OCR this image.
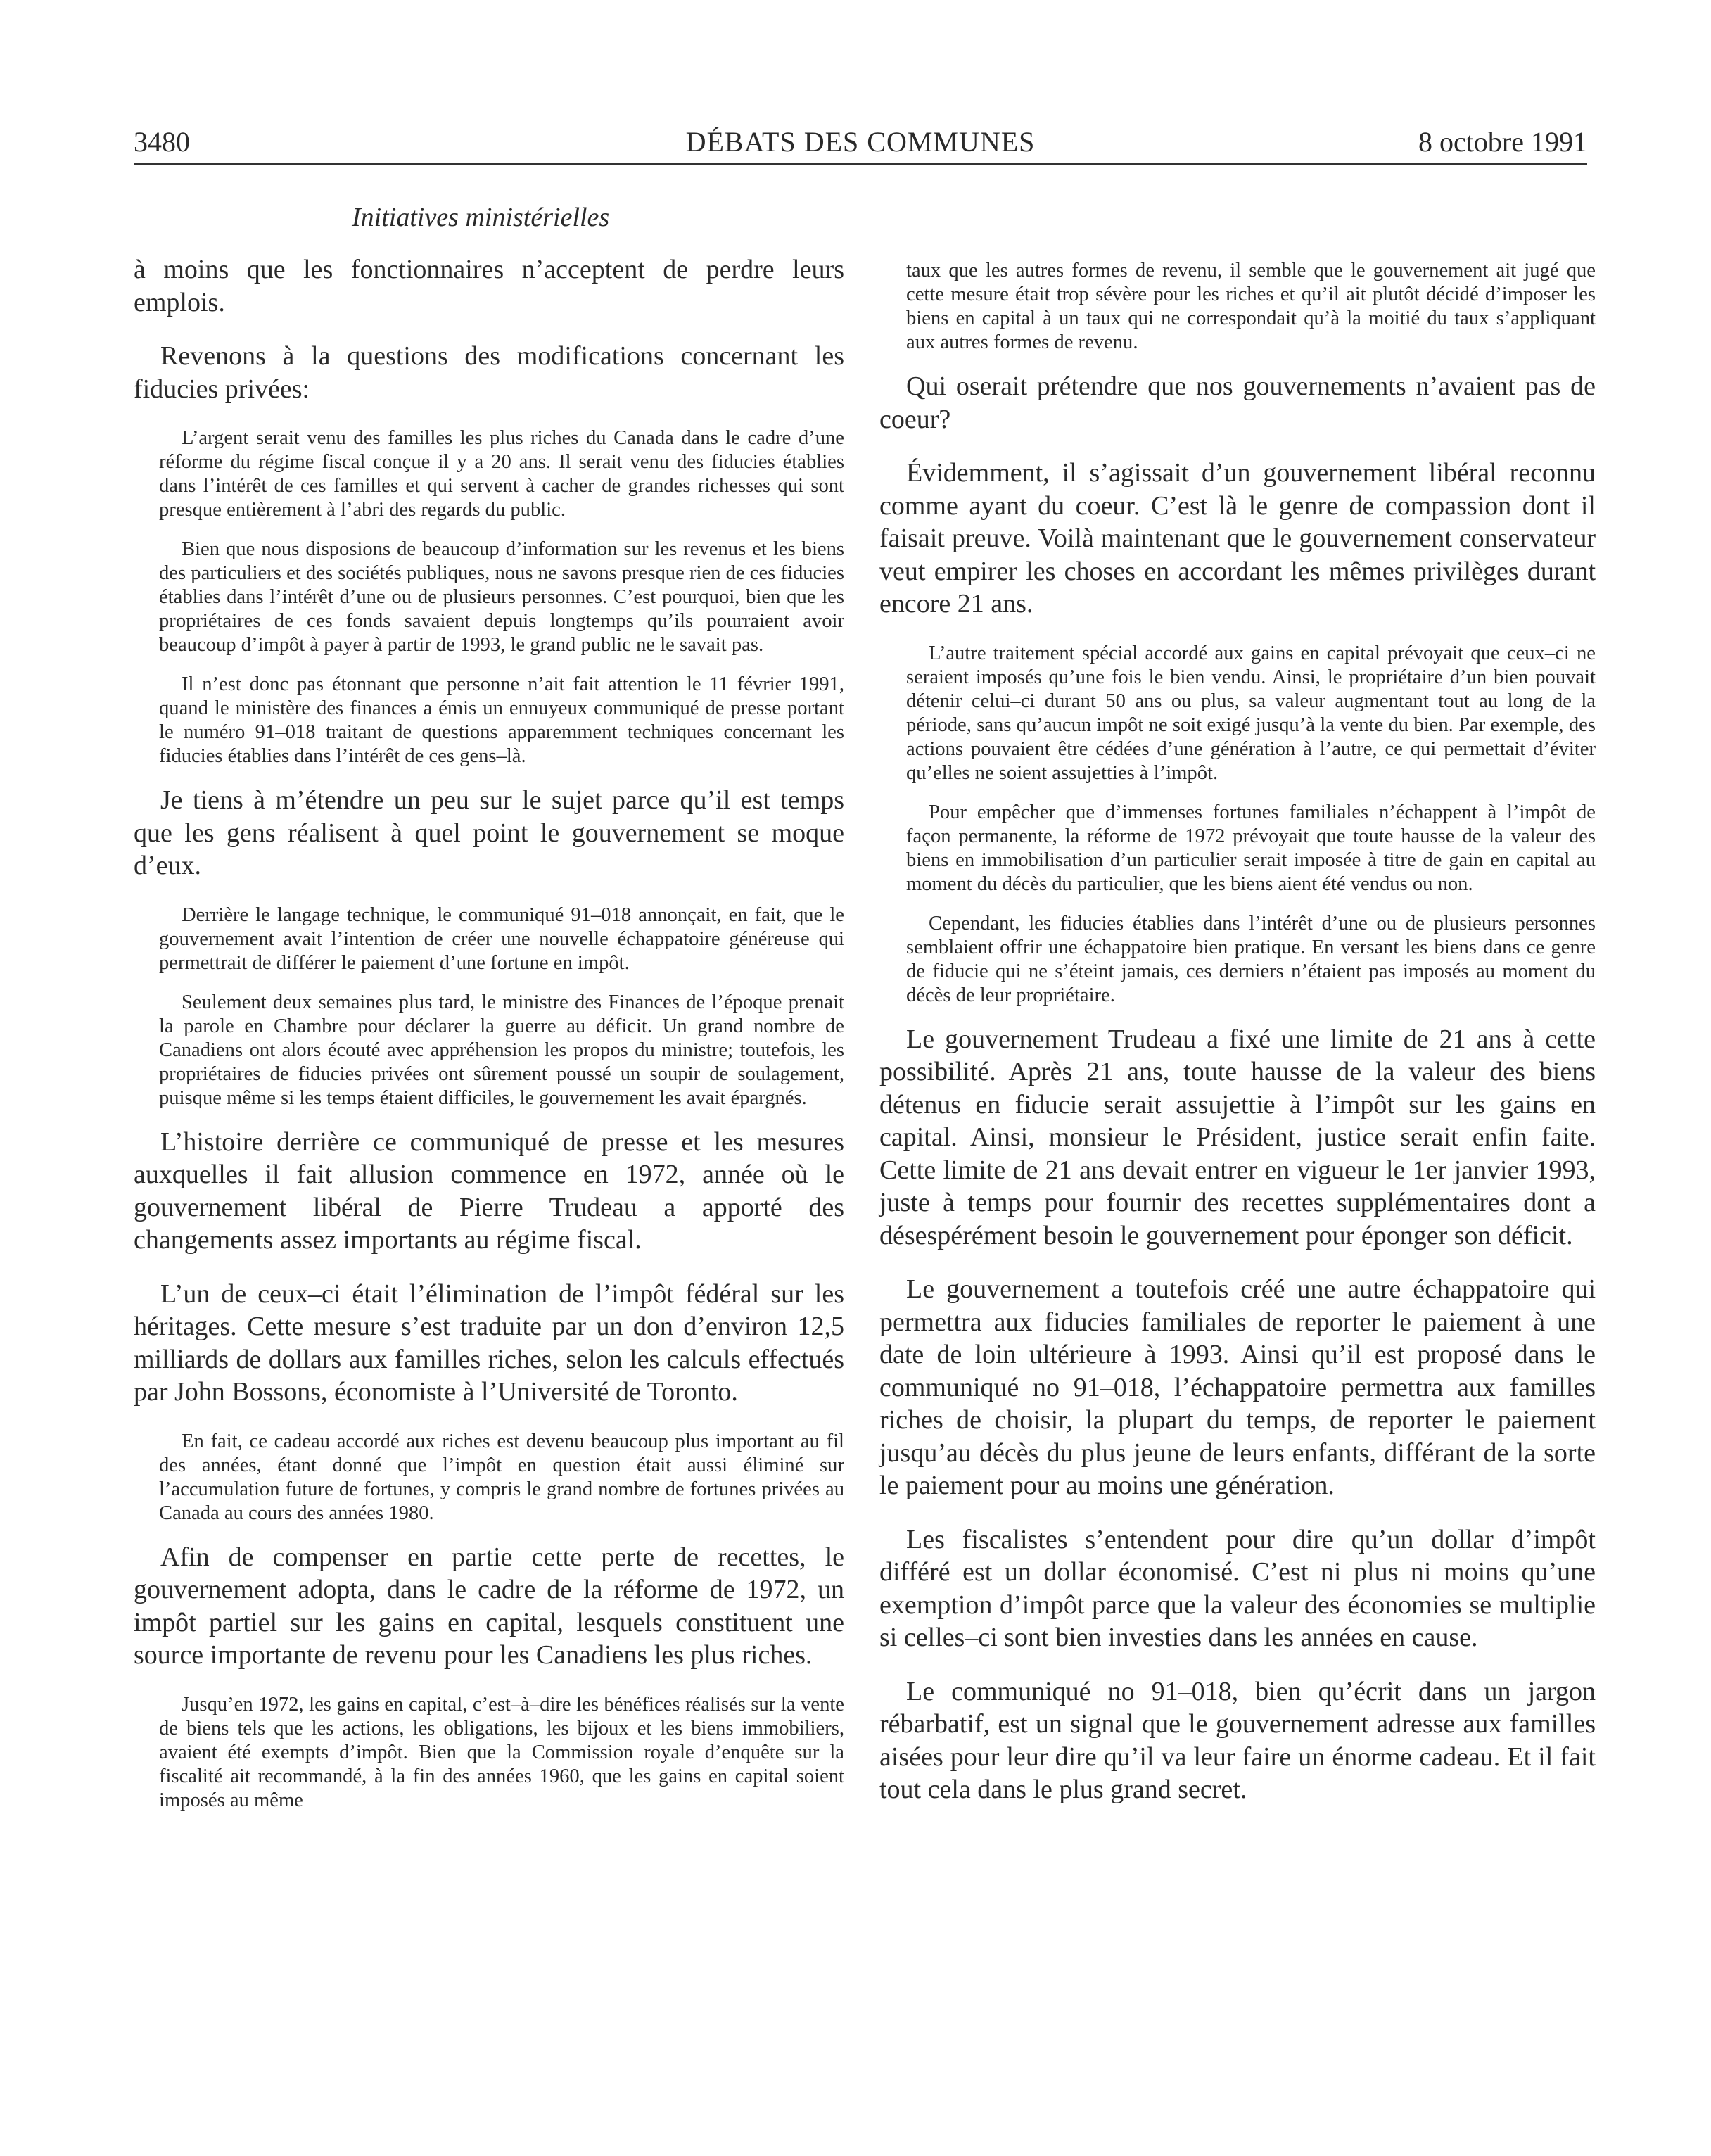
3480	DÉBATS DES COMMUNES	8 octobre 1991
Initiatives ministérielles

à moins que les fonctionnaires n’acceptent de perdre leurs emplois.

Revenons à la questions des modifications concernant les fiducies privées:

L’argent serait venu des familles les plus riches du Canada dans le cadre d’une réforme du régime fiscal conçue il y a 20 ans. Il serait venu des fiducies établies dans l’intérêt de ces familles et qui servent à cacher de grandes richesses qui sont presque entièrement à l’abri des regards du public.

Bien que nous disposions de beaucoup d’information sur les revenus et les biens des particuliers et des sociétés publiques, nous ne savons presque rien de ces fiducies établies dans l’intérêt d’une ou de plusieurs personnes. C’est pourquoi, bien que les propriétaires de ces fonds savaient depuis longtemps qu’ils pourraient avoir beaucoup d’impôt à payer à partir de 1993, le grand public ne le savait pas.

Il n’est donc pas étonnant que personne n’ait fait attention le 11 février 1991, quand le ministère des finances a émis un ennuyeux communiqué de presse portant le numéro 91–018 traitant de questions apparemment techniques concernant les fiducies établies dans l’intérêt de ces gens–là.

Je tiens à m’étendre un peu sur le sujet parce qu’il est temps que les gens réalisent à quel point le gouvernement se moque d’eux.

Derrière le langage technique, le communiqué 91–018 annonçait, en fait, que le gouvernement avait l’intention de créer une nouvelle échappatoire généreuse qui permettrait de différer le paiement d’une fortune en impôt.

Seulement deux semaines plus tard, le ministre des Finances de l’époque prenait la parole en Chambre pour déclarer la guerre au déficit. Un grand nombre de Canadiens ont alors écouté avec appréhension les propos du ministre; toutefois, les propriétaires de fiducies privées ont sûrement poussé un soupir de soulagement, puisque même si les temps étaient difficiles, le gouvernement les avait épargnés.

L’histoire derrière ce communiqué de presse et les mesures auxquelles il fait allusion commence en 1972, année où le gouvernement libéral de Pierre Trudeau a apporté des changements assez importants au régime fiscal.

L’un de ceux–ci était l’élimination de l’impôt fédéral sur les héritages. Cette mesure s’est traduite par un don d’environ 12,5 milliards de dollars aux familles riches, selon les calculs effectués par John Bossons, économiste à l’Université de Toronto.

En fait, ce cadeau accordé aux riches est devenu beaucoup plus important au fil des années, étant donné que l’impôt en question était aussi éliminé sur l’accumulation future de fortunes, y compris le grand nombre de fortunes privées au Canada au cours des années 1980.

Afin de compenser en partie cette perte de recettes, le gouvernement adopta, dans le cadre de la réforme de 1972, un impôt partiel sur les gains en capital, lesquels constituent une source importante de revenu pour les Canadiens les plus riches.

Jusqu’en 1972, les gains en capital, c’est–à–dire les bénéfices réalisés sur la vente de biens tels que les actions, les obligations, les bijoux et les biens immobiliers, avaient été exempts d’impôt. Bien que la Commission royale d’enquête sur la fiscalité ait recommandé, à la fin des années 1960, que les gains en capital soient imposés au même

taux que les autres formes de revenu, il semble que le gouvernement ait jugé que cette mesure était trop sévère pour les riches et qu’il ait plutôt décidé d’imposer les biens en capital à un taux qui ne correspondait qu’à la moitié du taux s’appliquant aux autres formes de revenu.

Qui oserait prétendre que nos gouvernements n’avaient pas de coeur?

Évidemment, il s’agissait d’un gouvernement libéral reconnu comme ayant du coeur. C’est là le genre de compassion dont il faisait preuve. Voilà maintenant que le gouvernement conservateur veut empirer les choses en accordant les mêmes privilèges durant encore 21 ans.

L’autre traitement spécial accordé aux gains en capital prévoyait que ceux–ci ne seraient imposés qu’une fois le bien vendu. Ainsi, le propriétaire d’un bien pouvait détenir celui–ci durant 50 ans ou plus, sa valeur augmentant tout au long de la période, sans qu’aucun impôt ne soit exigé jusqu’à la vente du bien. Par exemple, des actions pouvaient être cédées d’une génération à l’autre, ce qui permettait d’éviter qu’elles ne soient assujetties à l’impôt.

Pour empêcher que d’immenses fortunes familiales n’échappent à l’impôt de façon permanente, la réforme de 1972 prévoyait que toute hausse de la valeur des biens en immobilisation d’un particulier serait imposée à titre de gain en capital au moment du décès du particulier, que les biens aient été vendus ou non.

Cependant, les fiducies établies dans l’intérêt d’une ou de plusieurs personnes semblaient offrir une échappatoire bien pratique. En versant les biens dans ce genre de fiducie qui ne s’éteint jamais, ces derniers n’étaient pas imposés au moment du décès de leur propriétaire.

Le gouvernement Trudeau a fixé une limite de 21 ans à cette possibilité. Après 21 ans, toute hausse de la valeur des biens détenus en fiducie serait assujettie à l’impôt sur les gains en capital. Ainsi, monsieur le Président, justice serait enfin faite. Cette limite de 21 ans devait entrer en vigueur le 1er janvier 1993, juste à temps pour fournir des recettes supplémentaires dont a désespérément besoin le gouvernement pour éponger son déficit.

Le gouvernement a toutefois créé une autre échappatoire qui permettra aux fiducies familiales de reporter le paiement à une date de loin ultérieure à 1993. Ainsi qu’il est proposé dans le communiqué no 91–018, l’échappatoire permettra aux familles riches de choisir, la plupart du temps, de reporter le paiement jusqu’au décès du plus jeune de leurs enfants, différant de la sorte le paiement pour au moins une génération.

Les fiscalistes s’entendent pour dire qu’un dollar d’impôt différé est un dollar économisé. C’est ni plus ni moins qu’une exemption d’impôt parce que la valeur des économies se multiplie si celles–ci sont bien investies dans les années en cause.

Le communiqué no 91–018, bien qu’écrit dans un jargon rébarbatif, est un signal que le gouvernement adresse aux familles aisées pour leur dire qu’il va leur faire un énorme cadeau. Et il fait tout cela dans le plus grand secret.
